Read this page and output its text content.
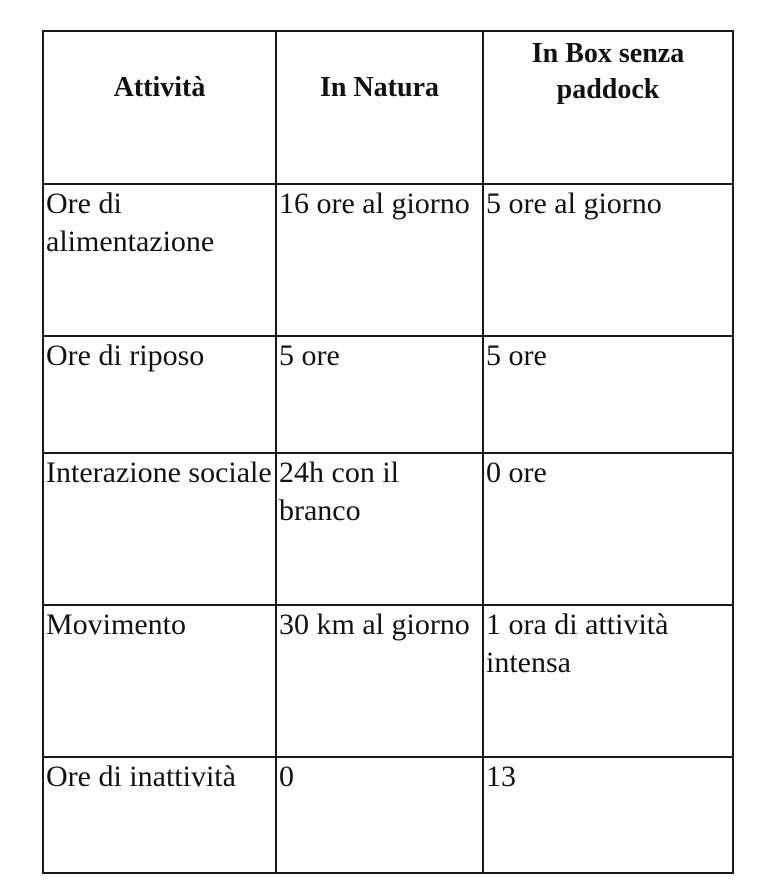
Attività	In Natura	In Box senza paddock
Ore di alimentazione	16 ore al giorno	5 ore al giorno
Ore di riposo	5 ore	5 ore
Interazione sociale	24h con il branco	0 ore
Movimento	30 km al giorno	1 ora di attività intensa
Ore di inattività	0	13
